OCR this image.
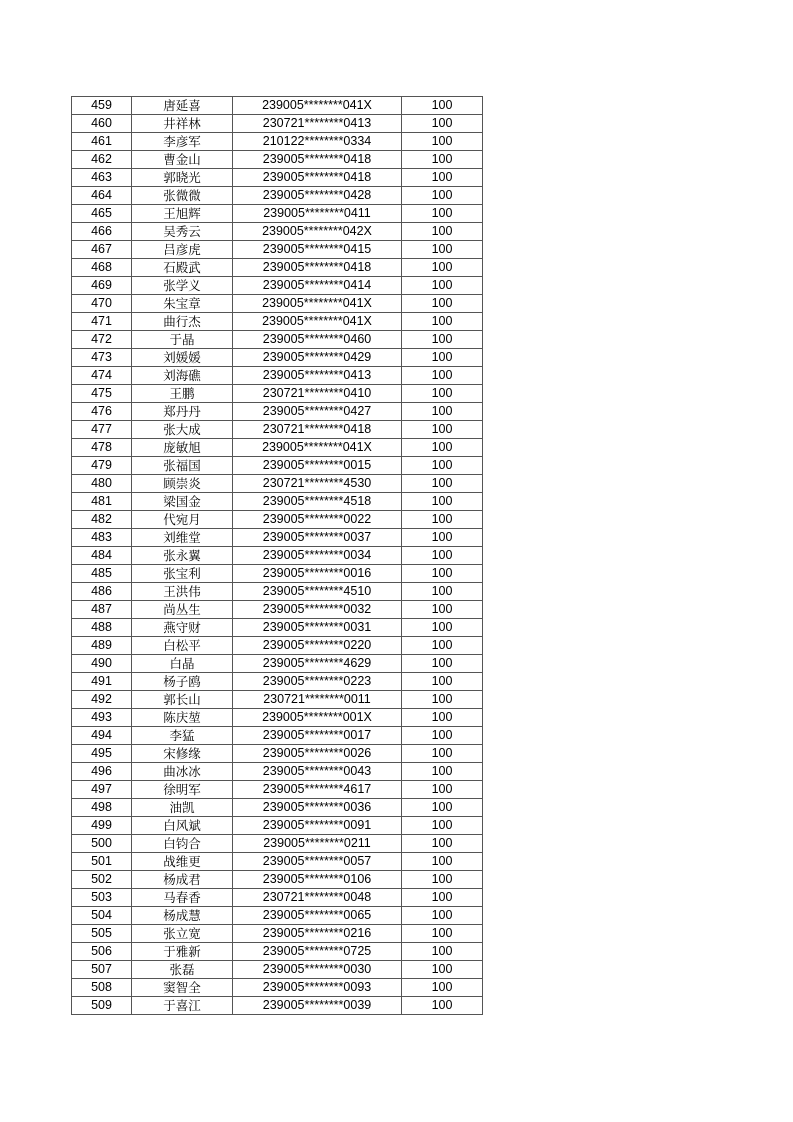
459	唐延喜	239005********041X	100
460	井祥林	230721********0413	100
461	李彦军	210122********0334	100
462	曹金山	239005********0418	100
463	郭晓光	239005********0418	100
464	张微微	239005********0428	100
465	王旭辉	239005********0411	100
466	吴秀云	239005********042X	100
467	吕彦虎	239005********0415	100
468	石殿武	239005********0418	100
469	张学义	239005********0414	100
470	朱宝章	239005********041X	100
471	曲行杰	239005********041X	100
472	于晶	239005********0460	100
473	刘媛媛	239005********0429	100
474	刘海礁	239005********0413	100
475	王鹏	230721********0410	100
476	郑丹丹	239005********0427	100
477	张大成	230721********0418	100
478	庞敏旭	239005********041X	100
479	张福国	239005********0015	100
480	顾崇炎	230721********4530	100
481	梁国金	239005********4518	100
482	代宛月	239005********0022	100
483	刘维堂	239005********0037	100
484	张永翼	239005********0034	100
485	张宝利	239005********0016	100
486	王洪伟	239005********4510	100
487	尚丛生	239005********0032	100
488	燕守财	239005********0031	100
489	白松平	239005********0220	100
490	白晶	239005********4629	100
491	杨子鸥	239005********0223	100
492	郭长山	230721********0011	100
493	陈庆堃	239005********001X	100
494	李猛	239005********0017	100
495	宋修缘	239005********0026	100
496	曲冰冰	239005********0043	100
497	徐明军	239005********4617	100
498	油凯	239005********0036	100
499	白风斌	239005********0091	100
500	白钧合	239005********0211	100
501	战维更	239005********0057	100
502	杨成君	239005********0106	100
503	马春香	230721********0048	100
504	杨成慧	239005********0065	100
505	张立宽	239005********0216	100
506	于雅新	239005********0725	100
507	张磊	239005********0030	100
508	窦智全	239005********0093	100
509	于喜江	239005********0039	100
